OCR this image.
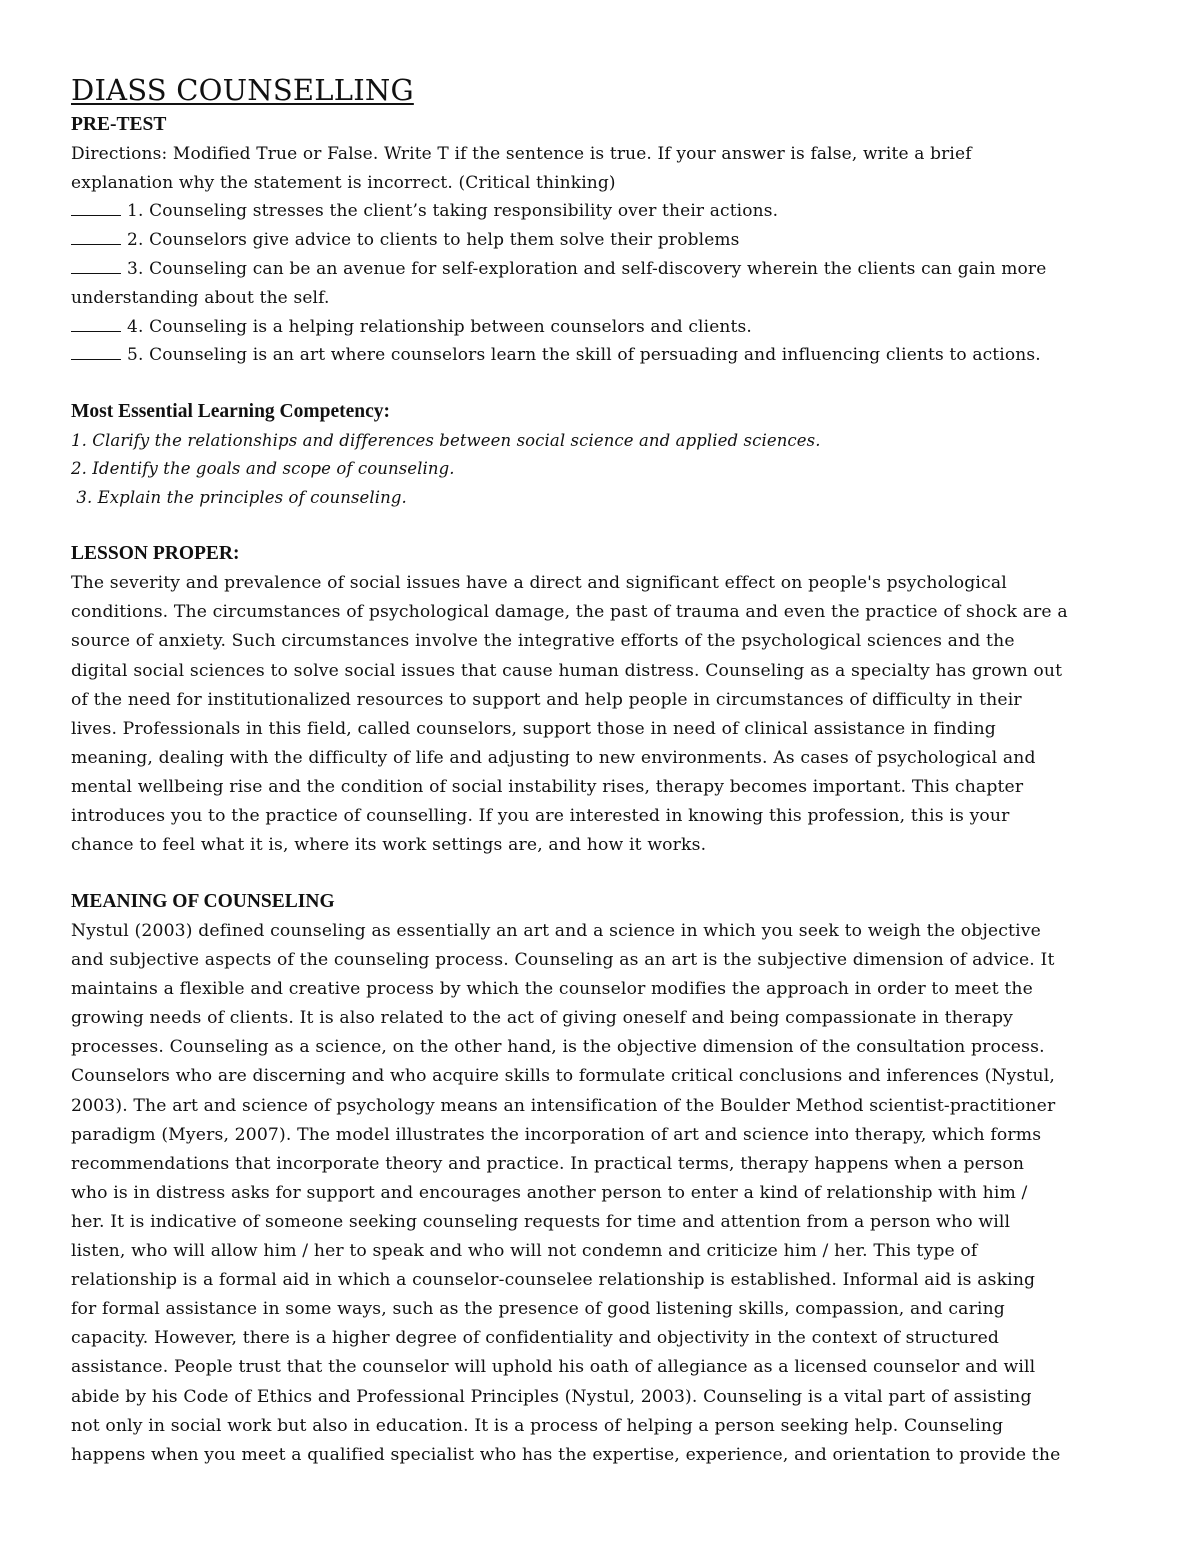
DIASS COUNSELLING
PRE-TEST
Directions: Modified True or False. Write T if the sentence is true. If your answer is false, write a brief
explanation why the statement is incorrect. (Critical thinking)
1. Counseling stresses the client’s taking responsibility over their actions.
2. Counselors give advice to clients to help them solve their problems
3. Counseling can be an avenue for self-exploration and self-discovery wherein the clients can gain more
understanding about the self.
4. Counseling is a helping relationship between counselors and clients.
5. Counseling is an art where counselors learn the skill of persuading and influencing clients to actions.
Most Essential Learning Competency:
1. Clarify the relationships and differences between social science and applied sciences.
2. Identify the goals and scope of counseling.
3. Explain the principles of counseling.
LESSON PROPER:
The severity and prevalence of social issues have a direct and significant effect on people's psychological
conditions. The circumstances of psychological damage, the past of trauma and even the practice of shock are a
source of anxiety. Such circumstances involve the integrative efforts of the psychological sciences and the
digital social sciences to solve social issues that cause human distress. Counseling as a specialty has grown out
of the need for institutionalized resources to support and help people in circumstances of difficulty in their
lives. Professionals in this field, called counselors, support those in need of clinical assistance in finding
meaning, dealing with the difficulty of life and adjusting to new environments. As cases of psychological and
mental wellbeing rise and the condition of social instability rises, therapy becomes important. This chapter
introduces you to the practice of counselling. If you are interested in knowing this profession, this is your
chance to feel what it is, where its work settings are, and how it works.
MEANING OF COUNSELING
Nystul (2003) defined counseling as essentially an art and a science in which you seek to weigh the objective
and subjective aspects of the counseling process. Counseling as an art is the subjective dimension of advice. It
maintains a flexible and creative process by which the counselor modifies the approach in order to meet the
growing needs of clients. It is also related to the act of giving oneself and being compassionate in therapy
processes. Counseling as a science, on the other hand, is the objective dimension of the consultation process.
Counselors who are discerning and who acquire skills to formulate critical conclusions and inferences (Nystul,
2003). The art and science of psychology means an intensification of the Boulder Method scientist-practitioner
paradigm (Myers, 2007). The model illustrates the incorporation of art and science into therapy, which forms
recommendations that incorporate theory and practice. In practical terms, therapy happens when a person
who is in distress asks for support and encourages another person to enter a kind of relationship with him /
her. It is indicative of someone seeking counseling requests for time and attention from a person who will
listen, who will allow him / her to speak and who will not condemn and criticize him / her. This type of
relationship is a formal aid in which a counselor-counselee relationship is established. Informal aid is asking
for formal assistance in some ways, such as the presence of good listening skills, compassion, and caring
capacity. However, there is a higher degree of confidentiality and objectivity in the context of structured
assistance. People trust that the counselor will uphold his oath of allegiance as a licensed counselor and will
abide by his Code of Ethics and Professional Principles (Nystul, 2003). Counseling is a vital part of assisting
not only in social work but also in education. It is a process of helping a person seeking help. Counseling
happens when you meet a qualified specialist who has the expertise, experience, and orientation to provide the
